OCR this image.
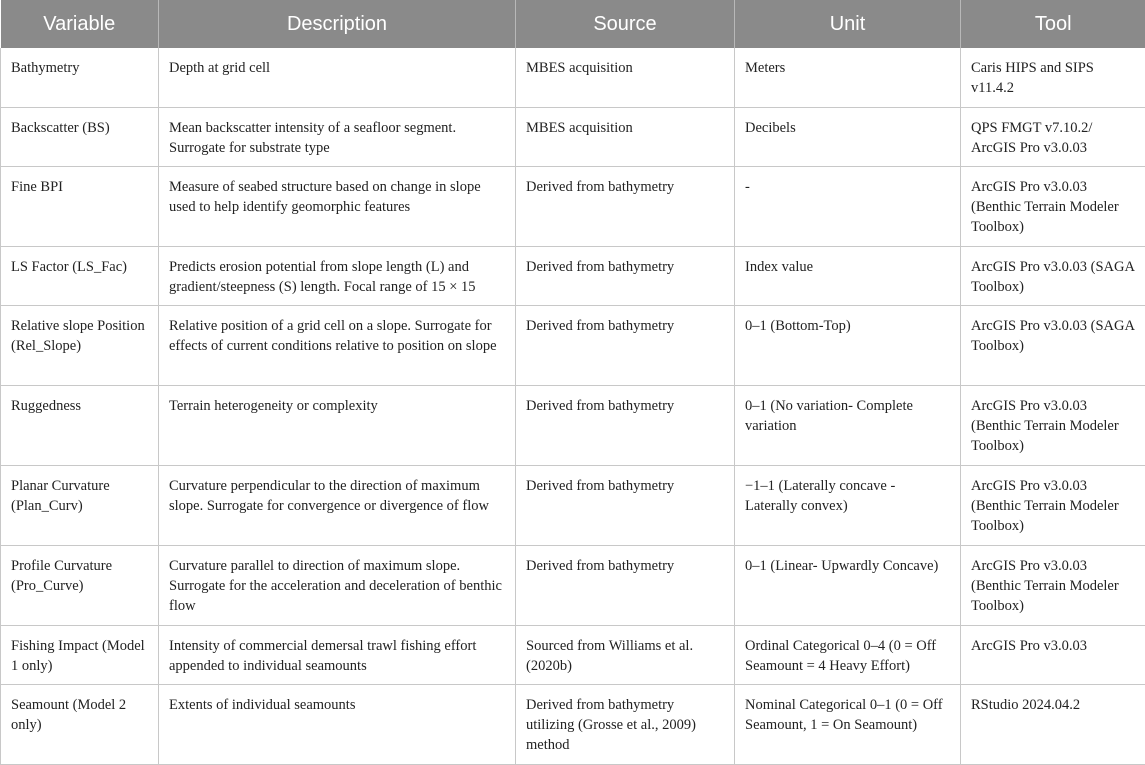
Variable	Description	Source	Unit	Tool
Bathymetry	Depth at grid cell	MBES acquisition	Meters	Caris HIPS and SIPS v11.4.2
Backscatter (BS)	Mean backscatter intensity of a seafloor segment. Surrogate for substrate type	MBES acquisition	Decibels	QPS FMGT v7.10.2/ ArcGIS Pro v3.0.03
Fine BPI	Measure of seabed structure based on change in slope used to help identify geomorphic features	Derived from bathymetry	-	ArcGIS Pro v3.0.03 (Benthic Terrain Modeler Toolbox)
LS Factor (LS_Fac)	Predicts erosion potential from slope length (L) and gradient/steepness (S) length. Focal range of 15 × 15	Derived from bathymetry	Index value	ArcGIS Pro v3.0.03 (SAGA Toolbox)
Relative slope Position (Rel_Slope)	Relative position of a grid cell on a slope. Surrogate for effects of current conditions relative to position on slope	Derived from bathymetry	0–1 (Bottom-Top)	ArcGIS Pro v3.0.03 (SAGA Toolbox)
Ruggedness	Terrain heterogeneity or complexity	Derived from bathymetry	0–1 (No variation- Complete variation	ArcGIS Pro v3.0.03 (Benthic Terrain Modeler Toolbox)
Planar Curvature (Plan_Curv)	Curvature perpendicular to the direction of maximum slope. Surrogate for convergence or divergence of flow	Derived from bathymetry	−1–1 (Laterally concave - Laterally convex)	ArcGIS Pro v3.0.03 (Benthic Terrain Modeler Toolbox)
Profile Curvature (Pro_Curve)	Curvature parallel to direction of maximum slope. Surrogate for the acceleration and deceleration of benthic flow	Derived from bathymetry	0–1 (Linear- Upwardly Concave)	ArcGIS Pro v3.0.03 (Benthic Terrain Modeler Toolbox)
Fishing Impact (Model 1 only)	Intensity of commercial demersal trawl fishing effort appended to individual seamounts	Sourced from Williams et al. (2020b)	Ordinal Categorical 0–4 (0 = Off Seamount = 4 Heavy Effort)	ArcGIS Pro v3.0.03
Seamount (Model 2 only)	Extents of individual seamounts	Derived from bathymetry utilizing (Grosse et al., 2009) method	Nominal Categorical 0–1 (0 = Off Seamount, 1 = On Seamount)	RStudio 2024.04.2
